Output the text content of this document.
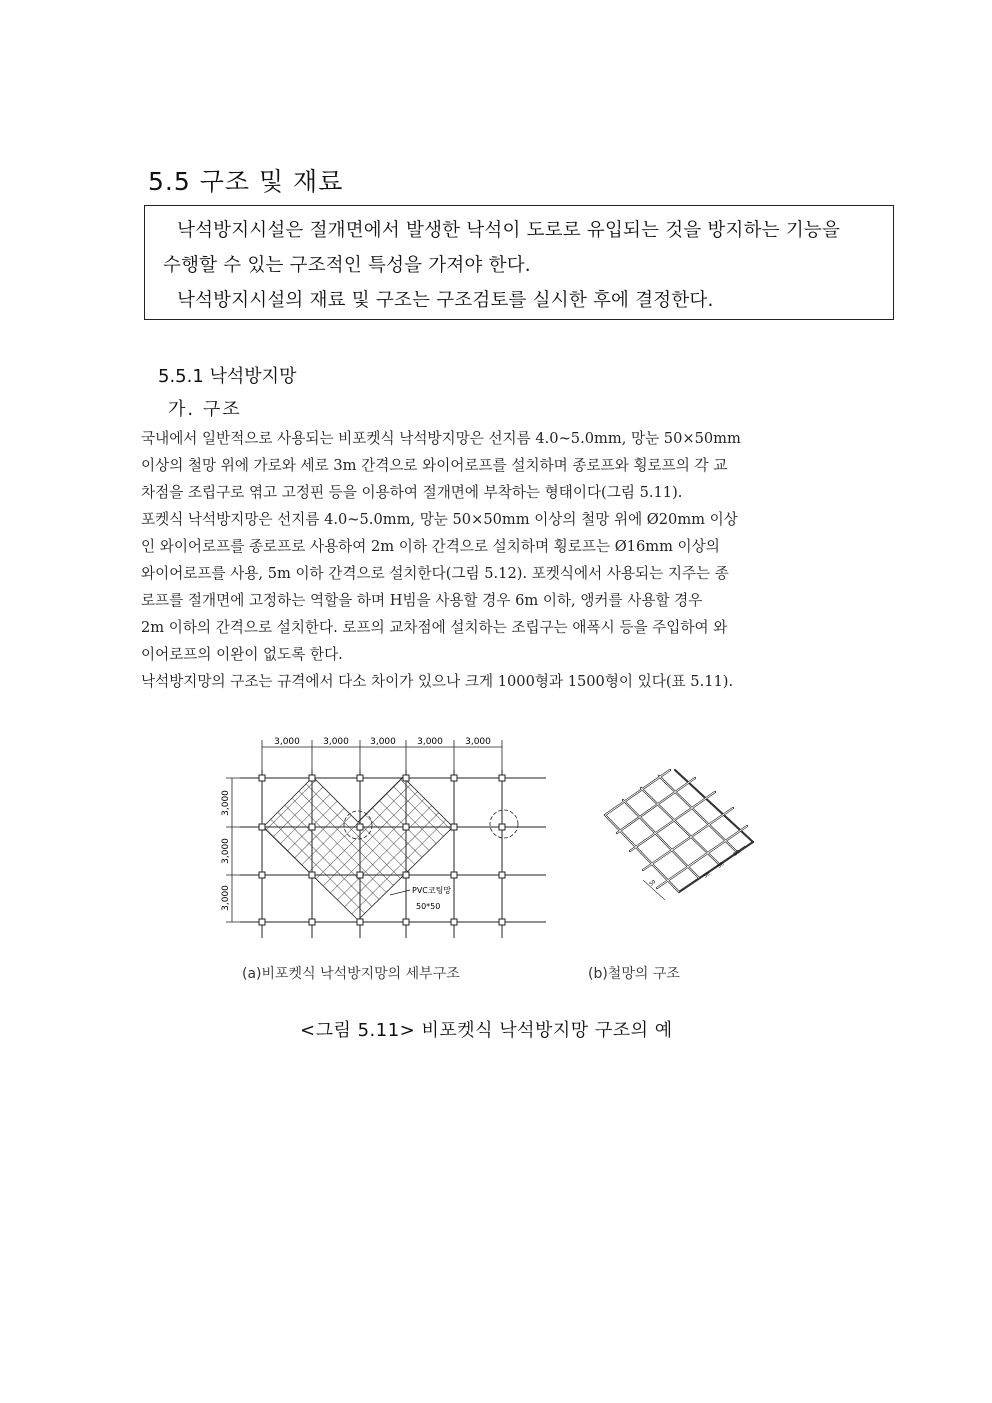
5.5 구조 및 재료
낙석방지시설은 절개면에서 발생한 낙석이 도로로 유입되는 것을 방지하는 기능을
수행할 수 있는 구조적인 특성을 가져야 한다.
낙석방지시설의 재료 및 구조는 구조검토를 실시한 후에 결정한다.
5.5.1 낙석방지망
가. 구조
국내에서 일반적으로 사용되는 비포켓식 낙석방지망은 선지름 4.0~5.0mm, 망눈 50×50mm
이상의 철망 위에 가로와 세로 3m 간격으로 와이어로프를 설치하며 종로프와 횡로프의 각 교
차점을 조립구로 엮고 고정핀 등을 이용하여 절개면에 부착하는 형태이다(그림 5.11).
포켓식 낙석방지망은 선지름 4.0~5.0mm, 망눈 50×50mm 이상의 철망 위에 Ø20mm 이상
인 와이어로프를 종로프로 사용하여 2m 이하 간격으로 설치하며 횡로프는 Ø16mm 이상의
와이어로프를 사용, 5m 이하 간격으로 설치한다(그림 5.12). 포켓식에서 사용되는 지주는 종
로프를 절개면에 고정하는 역할을 하며 H빔을 사용할 경우 6m 이하, 앵커를 사용할 경우
2m 이하의 간격으로 설치한다. 로프의 교차점에 설치하는 조립구는 애폭시 등을 주입하여 와
이어로프의 이완이 없도록 한다.
낙석방지망의 구조는 규격에서 다소 차이가 있으나 크게 1000형과 1500형이 있다(표 5.11).
3,000	3,000 3,000 3,000 3,000
3,000
3,000
3,000	PVC코팅망
50*50
50
50
50
50
(a)비포켓식 낙석방지망의 세부구조	(b)철망의 구조
<그림 5.11> 비포켓식 낙석방지망 구조의 예
